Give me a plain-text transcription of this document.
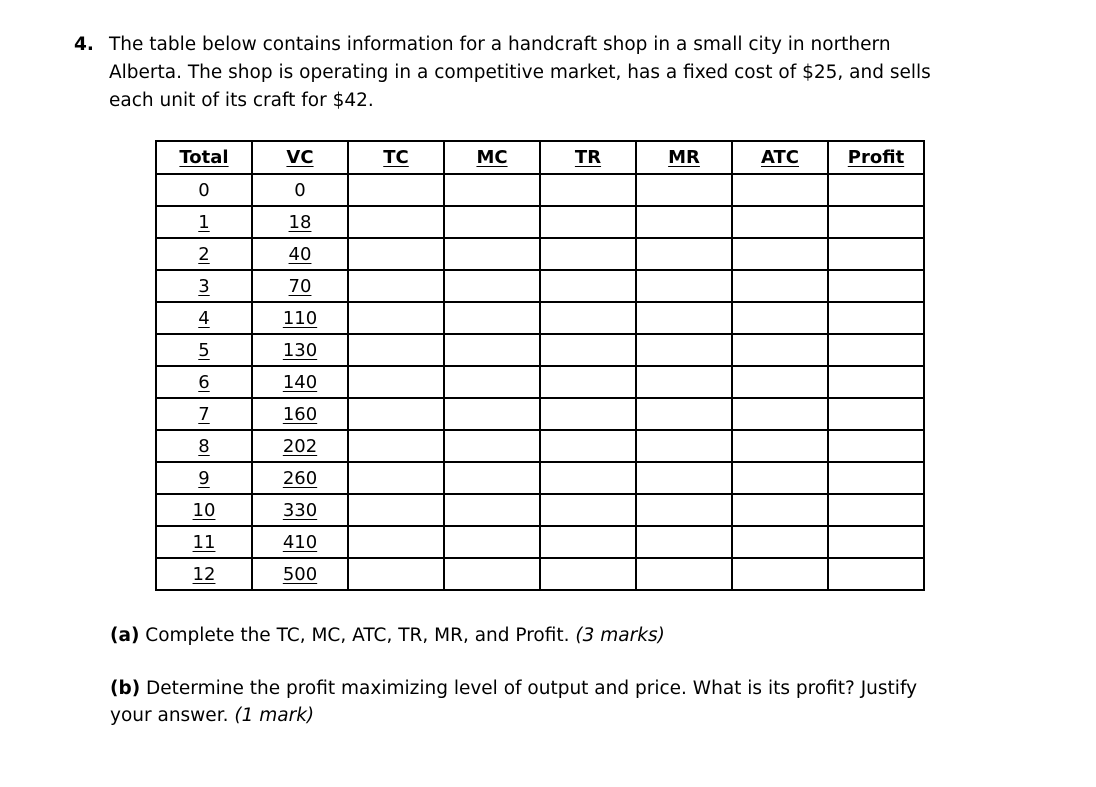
4. The table below contains information for a handcraft shop in a small city in northern
Alberta. The shop is operating in a competitive market, has a fixed cost of $25, and sells
each unit of its craft for $42.
Total	VC	TC	MC	TR	MR	ATC	Profit
0	0						
1	18						
2	40						
3	70						
4	110						
5	130						
6	140						
7	160						
8	202						
9	260						
10	330						
11	410						
12	500						
(a) Complete the TC, MC, ATC, TR, MR, and Profit. (3 marks)
(b) Determine the profit maximizing level of output and price. What is its profit? Justify
your answer. (1 mark)
